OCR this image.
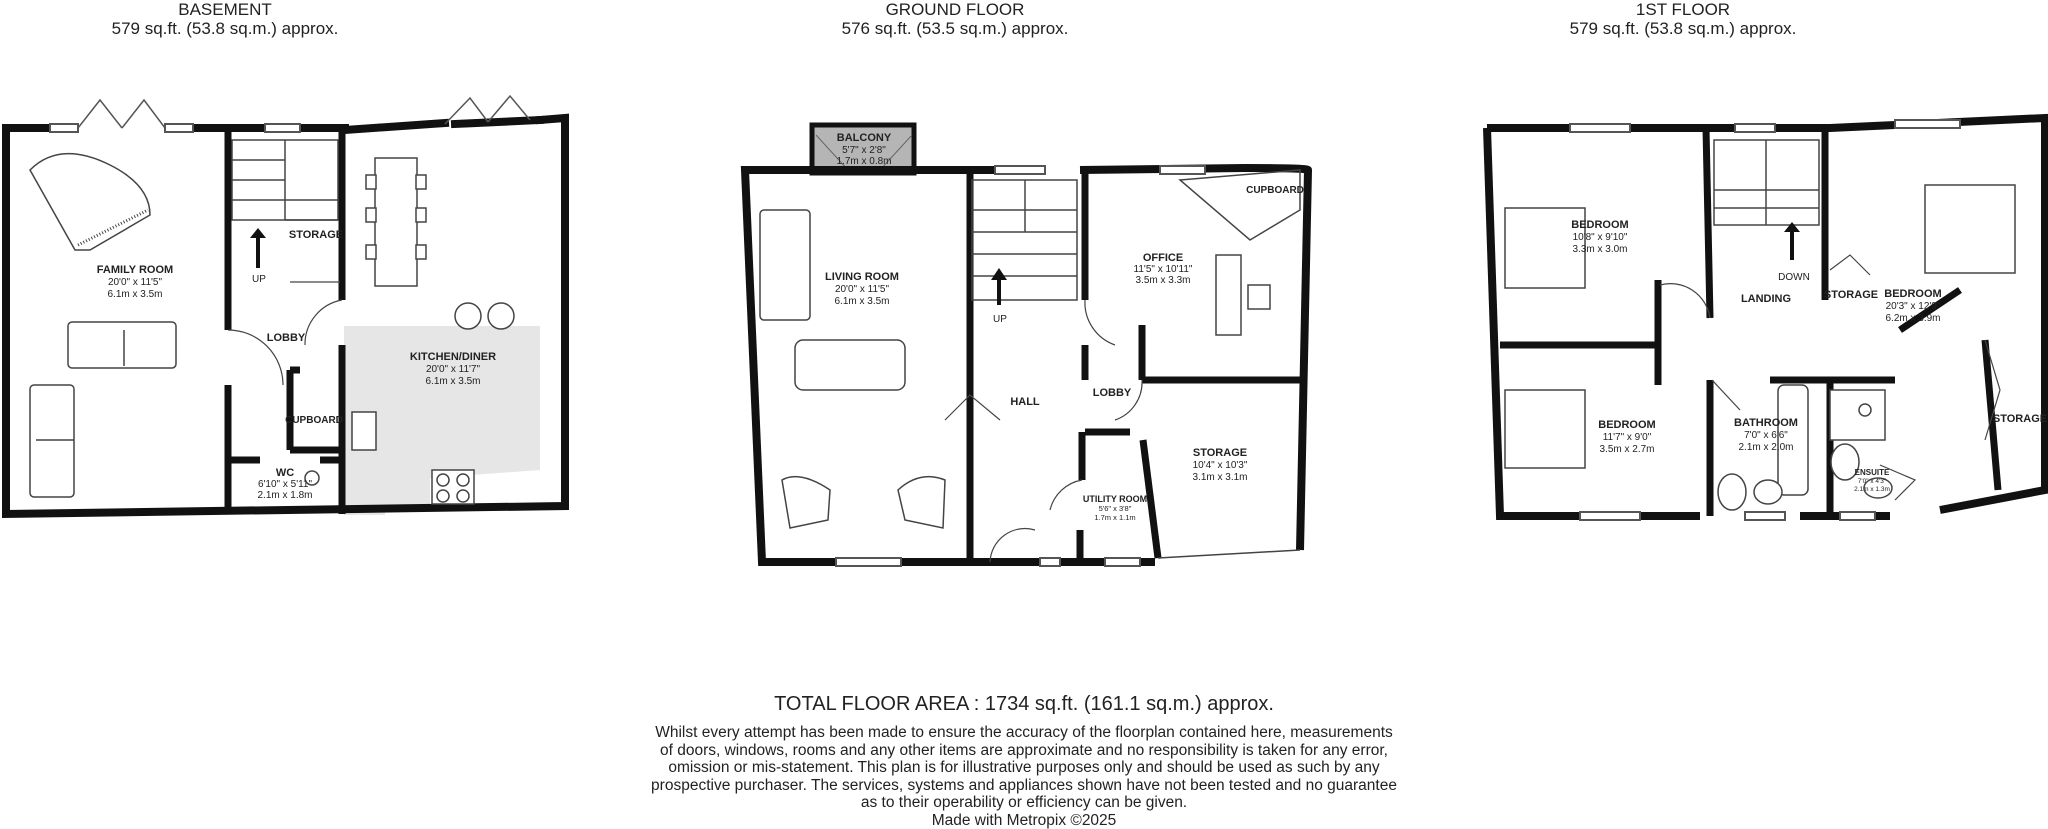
BASEMENT
579 sq.ft. (53.8 sq.m.) approx.
GROUND FLOOR
576 sq.ft. (53.5 sq.m.) approx.
1ST FLOOR
579 sq.ft. (53.8 sq.m.) approx.
FAMILY ROOM
20'0" x 11'5"
6.1m x 3.5m
STORAGE
UP
LOBBY
CUPBOARD
WC
6'10" x 5'11"
2.1m x 1.8m
KITCHEN/DINER
20'0" x 11'7"
6.1m x 3.5m
BALCONY
5'7" x 2'8"
1.7m x 0.8m
LIVING ROOM
20'0" x 11'5"
6.1m x 3.5m
UP
HALL
OFFICE
11'5" x 10'11"
3.5m x 3.3m
CUPBOARD
LOBBY
STORAGE
10'4" x 10'3"
3.1m x 3.1m
UTILITY ROOM
5'6" x 3'8"
1.7m x 1.1m
BEDROOM
10'8" x 9'10"
3.3m x 3.0m
DOWN
LANDING	STORAGE BEDROOM
20'3" x 12'9"
6.2m x 3.9m
BEDROOM
11'7" x 9'0"
3.5m x 2.7m
BATHROOM
7'0" x 6'6"
2.1m x 2.0m
STORAGE
ENSUITE
7'0" x 4'3"
2.1m x 1.3m
TOTAL FLOOR AREA : 1734 sq.ft. (161.1 sq.m.) approx.
Whilst every attempt has been made to ensure the accuracy of the floorplan contained here, measurements
of doors, windows, rooms and any other items are approximate and no responsibility is taken for any error,
omission or mis-statement. This plan is for illustrative purposes only and should be used as such by any
prospective purchaser. The services, systems and appliances shown have not been tested and no guarantee
as to their operability or efficiency can be given.
Made with Metropix ©2025
